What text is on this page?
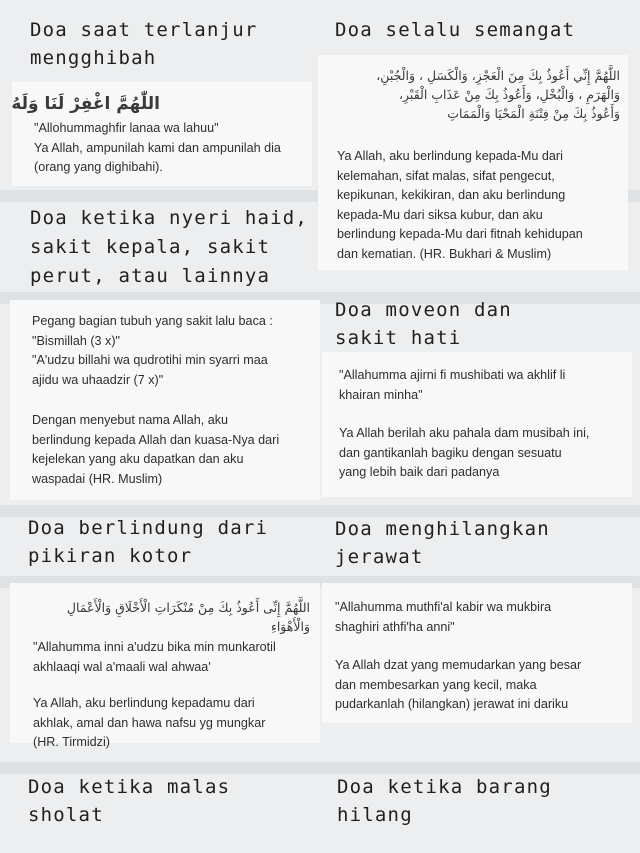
Doa saat terlanjur
mengghibah
اللّٰهُمَّ اغْفِرْ لَنَا وَلَهُ
"Allohummaghfir lanaa wa lahuu"
Ya Allah, ampunilah kami dan ampunilah dia
(orang yang dighibahi).
Doa selalu semangat
اللَّهُمَّ إِنِّي أَعُوذُ بِكَ مِنَ الْعَجْزِ، وَالْكَسَلِ ، وَالْجُبْنِ،
وَالْهَرَمِ ، وَالْبُخْلِ، وَأَعُوذُ بِكَ مِنْ عَذَابِ الْقَبْرِ،
وَأَعُوذُ بِكَ مِنْ فِتْنَةِ الْمَحْيَا وَالْمَمَاتِ
Ya Allah, aku berlindung kepada-Mu dari
kelemahan, sifat malas, sifat pengecut,
kepikunan, kekikiran, dan aku berlindung
kepada-Mu dari siksa kubur, dan aku
berlindung kepada-Mu dari fitnah kehidupan
dan kematian. (HR. Bukhari & Muslim)
Doa ketika nyeri haid,
sakit kepala, sakit
perut, atau lainnya
Pegang bagian tubuh yang sakit lalu baca :
"Bismillah (3 x)"
"A'udzu billahi wa qudrotihi min syarri maa
ajidu wa uhaadzir (7 x)"
Dengan menyebut nama Allah, aku
berlindung kepada Allah dan kuasa-Nya dari
kejelekan yang aku dapatkan dan aku
waspadai (HR. Muslim)
Doa moveon dan
sakit hati
"Allahumma ajirni fi mushibati wa akhlif li
khairan minha"
Ya Allah berilah aku pahala dam musibah ini,
dan gantikanlah bagiku dengan sesuatu
yang lebih baik dari padanya
Doa berlindung dari
pikiran kotor
اللَّهُمَّ إِنِّى أَعُوذُ بِكَ مِنْ مُنْكَرَاتِ الْأَخْلَاقِ وَالْأَعْمَالِ
وَالْأَهْوَاءِ
"Allahumma inni a'udzu bika min munkarotil
akhlaaqi wal a'maali wal ahwaa'
Ya Allah, aku berlindung kepadamu dari
akhlak, amal dan hawa nafsu yg mungkar
(HR. Tirmidzi)
Doa menghilangkan
jerawat
"Allahumma muthfi'al kabir wa mukbira
shaghiri athfi'ha anni"
Ya Allah dzat yang memudarkan yang besar
dan membesarkan yang kecil, maka
pudarkanlah (hilangkan) jerawat ini dariku
Doa ketika malas
sholat
Doa ketika barang
hilang
